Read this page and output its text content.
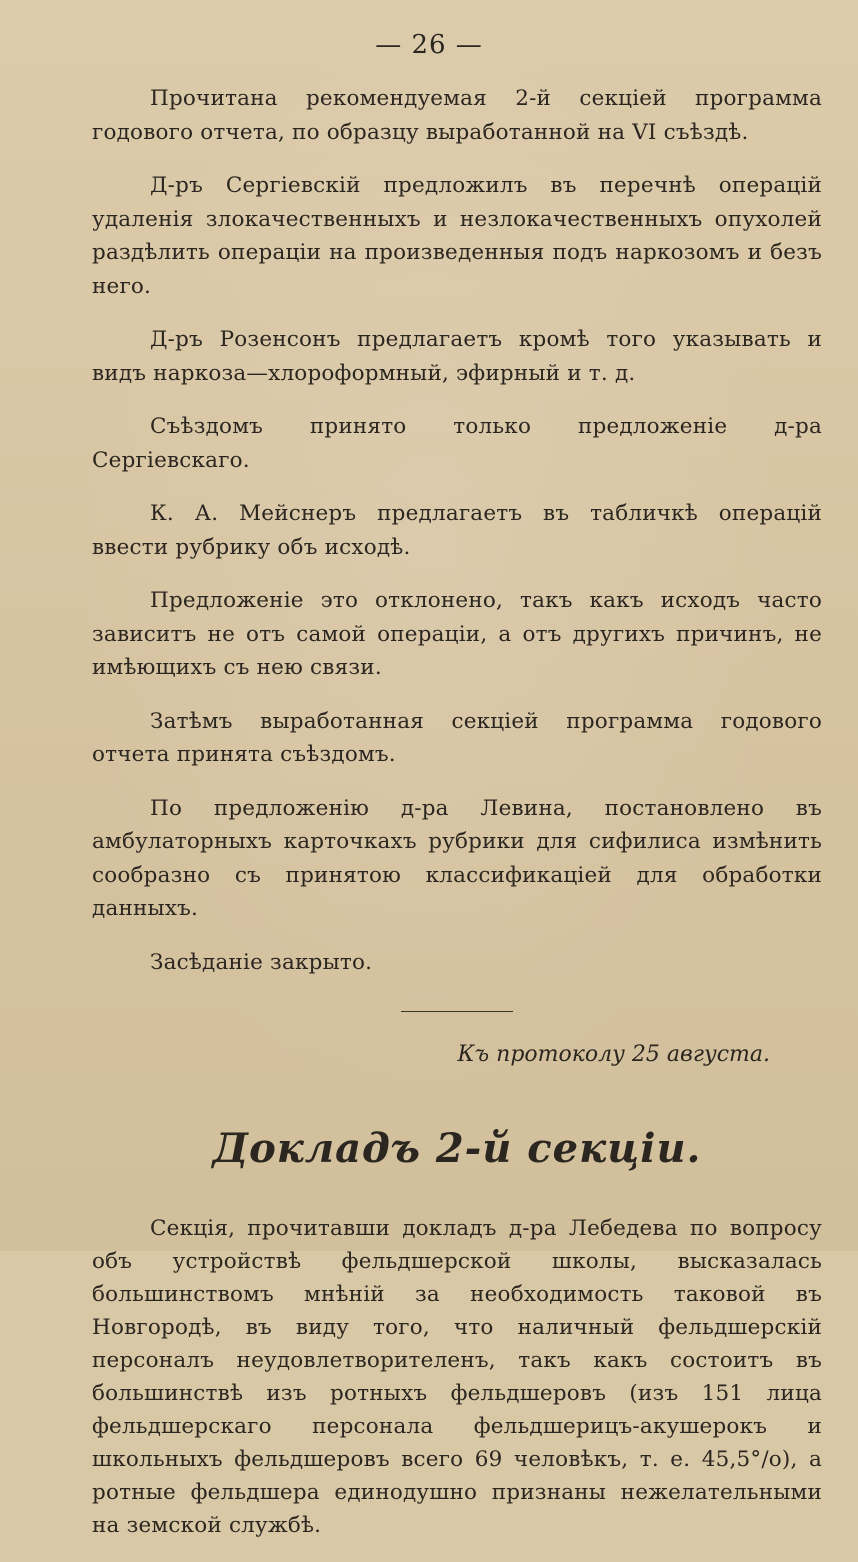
— 26 —

Прочитана рекомендуемая 2-й секціей программа годового отчета, по образцу выработанной на VI съѣздѣ.

Д-ръ Сергіевскій предложилъ въ перечнѣ операцій удаленія злокачественныхъ и незлокачественныхъ опухолей раздѣлить операціи на произведенныя подъ наркозомъ и безъ него.

Д-ръ Розенсонъ предлагаетъ кромѣ того указывать и видъ наркоза—хлороформный, эфирный и т. д.

Съѣздомъ принято только предложеніе д-ра Сергіевскаго.

К. А. Мейснеръ предлагаетъ въ табличкѣ операцій ввести рубрику объ исходѣ.

Предложеніе это отклонено, такъ какъ исходъ часто зависитъ не отъ самой операціи, а отъ другихъ причинъ, не имѣющихъ съ нею связи.

Затѣмъ выработанная секціей программа годового отчета принята съѣздомъ.

По предложенію д-ра Левина, постановлено въ амбулаторныхъ карточкахъ рубрики для сифилиса измѣнить сообразно съ принятою классификаціей для обработки данныхъ.

Засѣданіе закрыто.

Къ протоколу 25 августа.

Докладъ 2-й секціи.

Секція, прочитавши докладъ д-ра Лебедева по вопросу объ устройствѣ фельдшерской школы, высказалась большинствомъ мнѣній за необходимость таковой въ Новгородѣ, въ виду того, что наличный фельдшерскій персоналъ неудовлетворителенъ, такъ какъ состоитъ въ большинствѣ изъ ротныхъ фельдшеровъ (изъ 151 лица фельдшерскаго персонала фельдшерицъ-акушерокъ и школьныхъ фельдшеровъ всего 69 человѣкъ, т. е. 45,5°/о), а ротные фельдшера единодушно признаны нежелательными на земской службѣ.
